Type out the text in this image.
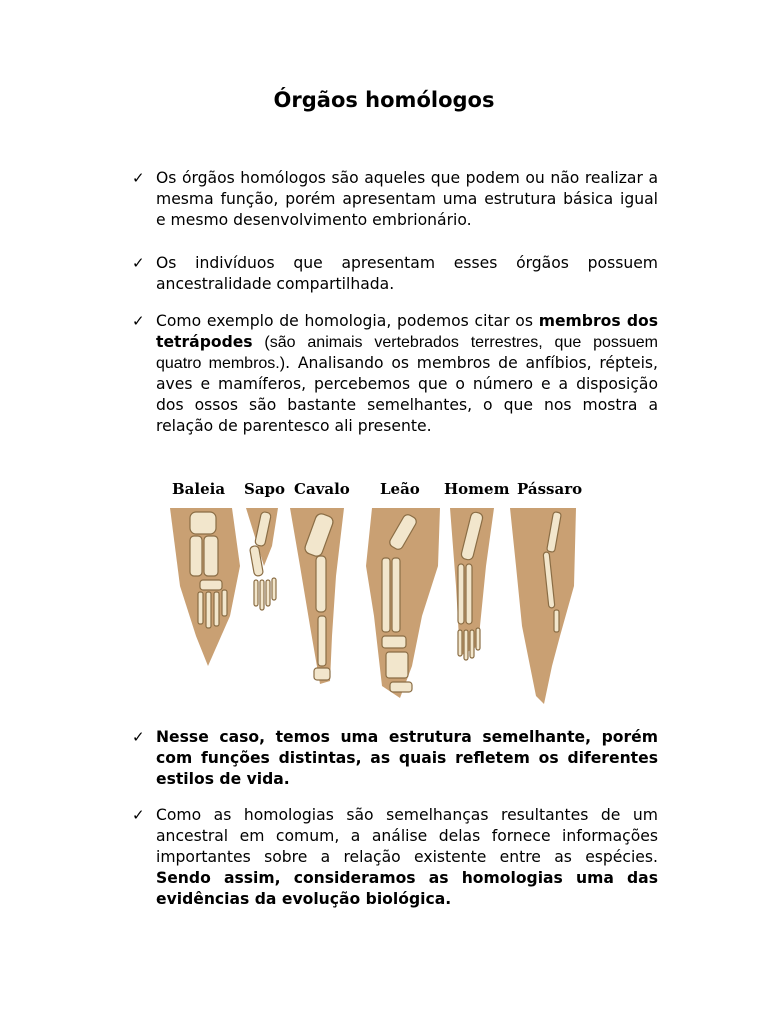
Órgãos homólogos
✓ Os órgãos homólogos são aqueles que podem ou não realizar a mesma função, porém apresentam uma estrutura básica igual e mesmo desenvolvimento embrionário.
✓ Os indivíduos que apresentam esses órgãos possuem ancestralidade compartilhada.
✓ Como exemplo de homologia, podemos citar os membros dos tetrápodes (são animais vertebrados terrestres, que possuem quatro membros.). Analisando os membros de anfíbios, répteis, aves e mamíferos, percebemos que o número e a disposição dos ossos são bastante semelhantes, o que nos mostra a relação de parentesco ali presente.
Baleia Sapo Cavalo Leão Homem Pássaro
✓ Nesse caso, temos uma estrutura semelhante, porém com funções distintas, as quais refletem os diferentes estilos de vida.
✓ Como as homologias são semelhanças resultantes de um ancestral em comum, a análise delas fornece informações importantes sobre a relação existente entre as espécies. Sendo assim, consideramos as homologias uma das evidências da evolução biológica.
